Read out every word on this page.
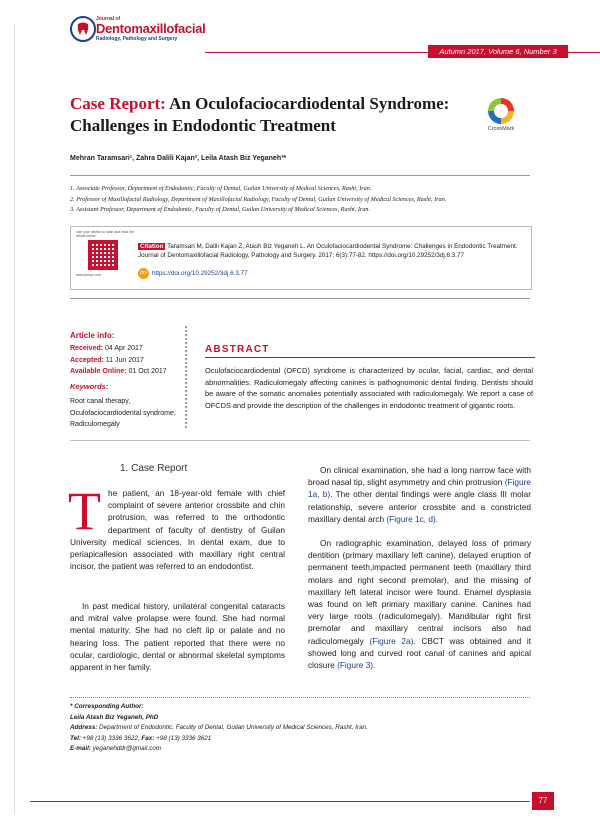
Journal of
Dentomaxillofacial
Radiology, Pathology and Surgery
Autumn 2017, Volume 6, Number 3
Case Report: An Oculofaciocardiodental Syndrome: Challenges in Endodontic Treatment	CrossMark
Mehran Taramsari¹, Zahra Dalili Kajan², Leila Atash Biz Yeganeh³*
1. Associate Professor, Department of Endodontic, Faculty of Dental, Guilan University of Medical Sciences, Rasht, Iran.
2. Professor of Maxillofacial Radiology, Department of Maxillofacial Radiology, Faculty of Dental, Guilan University of Medical Sciences, Rasht, Iran.
3. Assistant Professor, Department of Endodontic, Faculty of Dental, Guilan University of Medical Sciences, Rasht, Iran.
Use your device to scan and read the article online
www.jdmrp.com
Citation Taramsari M, Dalili Kajan Z, Atash Biz Yeganeh L. An Oculofaciocardiodental Syndrome: Challenges in Endodontic Treatment. Journal of Dentomaxillofacial Radiology, Pathology and Surgery. 2017; 6(3):77-82. https://doi.org/10.29252/3dj.6.3.77
doi https://doi.org/10.29252/3dj.6.3.77
Article info:
Received: 04 Apr 2017
Accepted: 11 Jun 2017
Available Online: 01 Oct 2017
Keywords:
Root canal therapy, Oculofaciocardiodental syndrome, Radiculomegaly
ABSTRACT
Oculofaciocardiodental (OFCD) syndrome is characterized by ocular, facial, cardiac, and dental abnormalities. Radiculomegaly affecting canines is pathognomonic dental finding. Dentists should be aware of the somatic anomalies potentially associated with radiculomegaly. We report a case of OFCDS and provide the description of the challenges in endodontic treatment of gigantic roots.
1. Case Report
T he patient, an 18-year-old female with chief complaint of severe anterior crossbite and chin protrusion, was referred to the orthodontic department of faculty of dentistry of Guilan University medical sciences. In dental exam, due to periapicallesion associated with maxillary right central incisor, the patient was referred to an endodontist.
In past medical history, unilateral congenital cataracts and mitral valve prolapse were found. She had normal mental maturity. She had no cleft lip or palate and no hearing loss. The patient reported that there were no ocular, cardiologic, dental or abnormal skeletal symptoms apparent in her family.
On clinical examination, she had a long narrow face with broad nasal tip, slight asymmetry and chin protrusion (Figure 1a, b). The other dental findings were angle class III molar relationship, severe anterior crossbite and a constricted maxillary dental arch (Figure 1c, d).
On radiographic examination, delayed loss of primary dentition (primary maxillary left canine), delayed eruption of permanent teeth,impacted permanent teeth (maxillary third molars and right second premolar), and the missing of maxillary left lateral incisor were found. Enamel dysplasia was found on left primary maxillary canine. Canines had very large roots (radiculomegaly). Mandibular right first premolar and maxillary central incisors also had radiculomegaly (Figure 2a). CBCT was obtained and it showed long and curved root canal of canines and apical closure (Figure 3).
* Corresponding Author:
Leila Atash Biz Yeganeh, PhD
Address: Department of Endodontic, Faculty of Dental, Guilan University of Medical Sciences, Rasht, Iran.
Tel: +98 (13) 3336 3622, Fax: +98 (13) 3336 3621
E-mail: yeganehddr@gmail.com
77
